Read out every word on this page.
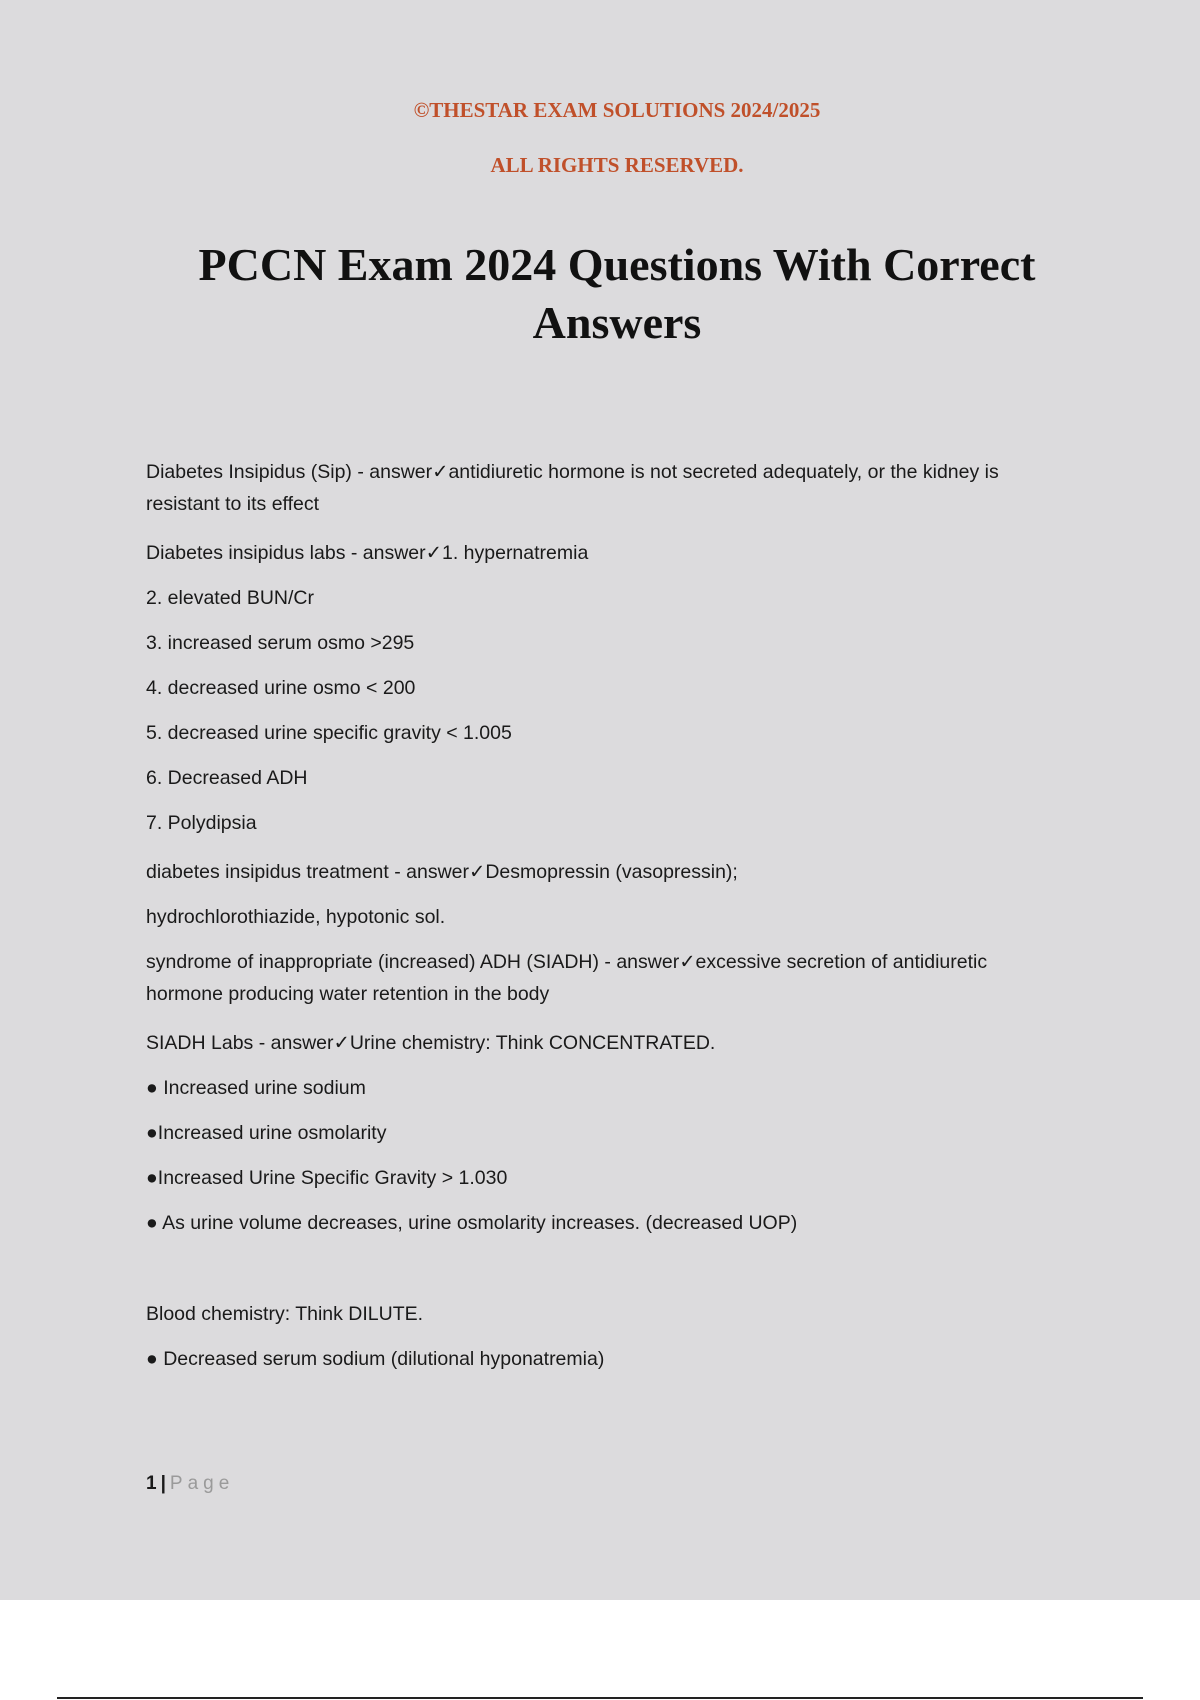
©THESTAR EXAM SOLUTIONS 2024/2025

ALL RIGHTS RESERVED.

PCCN Exam 2024 Questions With Correct Answers

Diabetes Insipidus (Sip) - answer✓antidiuretic hormone is not secreted adequately, or the kidney is resistant to its effect

Diabetes insipidus labs - answer✓1. hypernatremia

2. elevated BUN/Cr

3. increased serum osmo >295

4. decreased urine osmo < 200

5. decreased urine specific gravity < 1.005

6. Decreased ADH

7. Polydipsia

diabetes insipidus treatment - answer✓Desmopressin (vasopressin);

hydrochlorothiazide, hypotonic sol.

syndrome of inappropriate (increased) ADH (SIADH) - answer✓excessive secretion of antidiuretic hormone producing water retention in the body

SIADH Labs - answer✓Urine chemistry: Think CONCENTRATED.

● Increased urine sodium

●Increased urine osmolarity

●Increased Urine Specific Gravity > 1.030

● As urine volume decreases, urine osmolarity increases. (decreased UOP)

Blood chemistry: Think DILUTE.

● Decreased serum sodium (dilutional hyponatremia)

1 | Page
